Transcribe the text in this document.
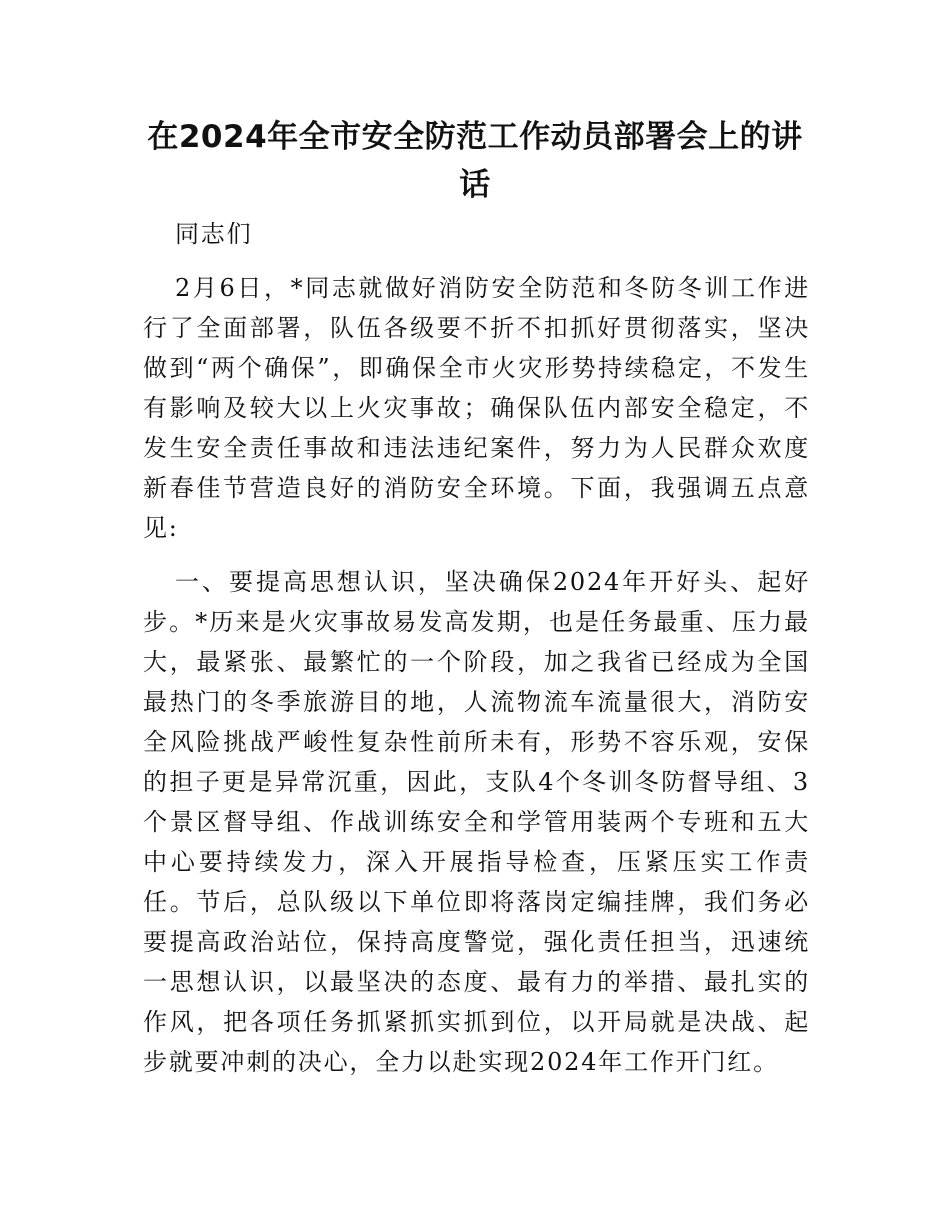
在2024年全市安全防范工作动员部署会上的讲话

同志们

2月6日，*同志就做好消防安全防范和冬防冬训工作进行了全面部署，队伍各级要不折不扣抓好贯彻落实，坚决做到“两个确保”，即确保全市火灾形势持续稳定，不发生有影响及较大以上火灾事故；确保队伍内部安全稳定，不发生安全责任事故和违法违纪案件，努力为人民群众欢度新春佳节营造良好的消防安全环境。下面，我强调五点意见:

一、要提高思想认识，坚决确保2024年开好头、起好步。*历来是火灾事故易发高发期，也是任务最重、压力最大，最紧张、最繁忙的一个阶段，加之我省已经成为全国最热门的冬季旅游目的地，人流物流车流量很大，消防安全风险挑战严峻性复杂性前所未有，形势不容乐观，安保的担子更是异常沉重，因此，支队4个冬训冬防督导组、3个景区督导组、作战训练安全和学管用装两个专班和五大中心要持续发力，深入开展指导检查，压紧压实工作责任。节后，总队级以下单位即将落岗定编挂牌，我们务必要提高政治站位，保持高度警觉，强化责任担当，迅速统一思想认识，以最坚决的态度、最有力的举措、最扎实的作风，把各项任务抓紧抓实抓到位，以开局就是决战、起步就要冲刺的决心，全力以赴实现2024年工作开门红。
